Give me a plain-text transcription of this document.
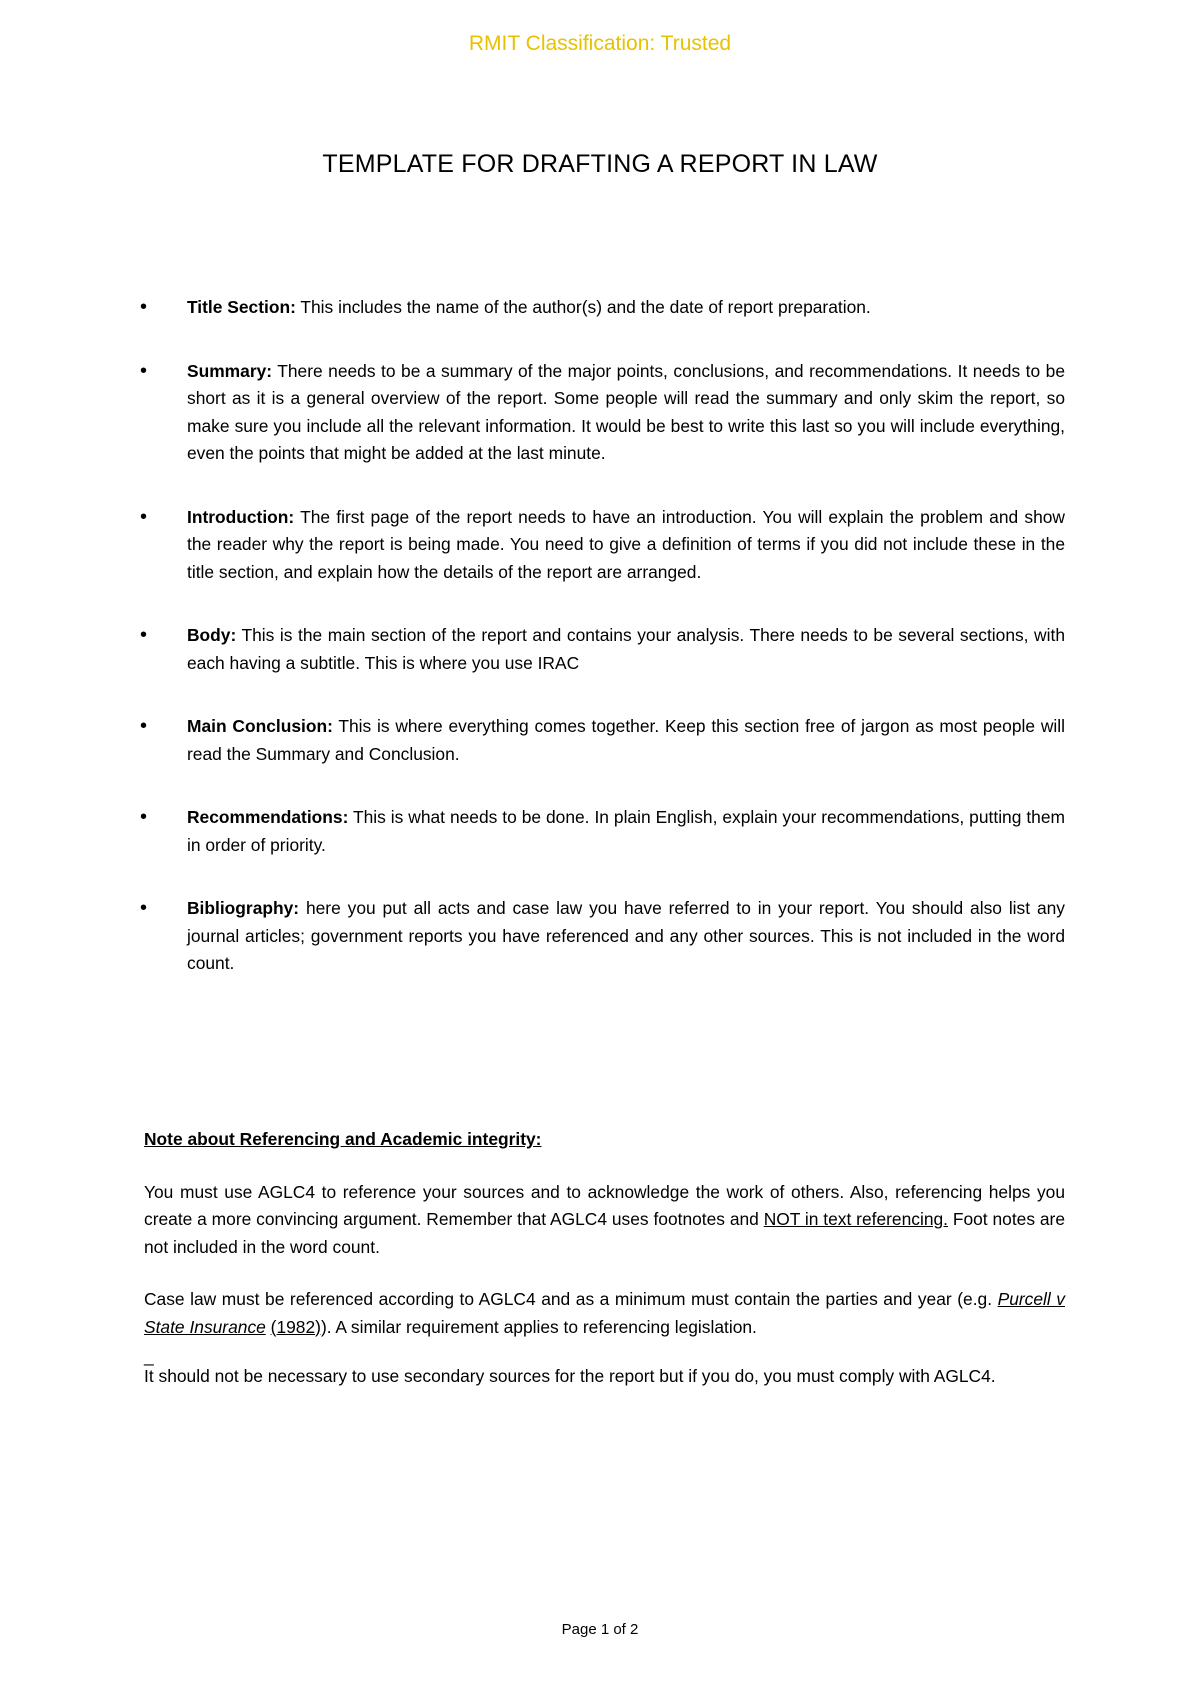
RMIT Classification: Trusted
TEMPLATE FOR DRAFTING A REPORT IN LAW
• Title Section: This includes the name of the author(s) and the date of report preparation.
• Summary: There needs to be a summary of the major points, conclusions, and recommendations. It needs to be short as it is a general overview of the report. Some people will read the summary and only skim the report, so make sure you include all the relevant information. It would be best to write this last so you will include everything, even the points that might be added at the last minute.
• Introduction: The first page of the report needs to have an introduction. You will explain the problem and show the reader why the report is being made. You need to give a definition of terms if you did not include these in the title section, and explain how the details of the report are arranged.
• Body: This is the main section of the report and contains your analysis. There needs to be several sections, with each having a subtitle. This is where you use IRAC
• Main Conclusion: This is where everything comes together. Keep this section free of jargon as most people will read the Summary and Conclusion.
• Recommendations: This is what needs to be done. In plain English, explain your recommendations, putting them in order of priority.
• Bibliography: here you put all acts and case law you have referred to in your report. You should also list any journal articles; government reports you have referenced and any other sources. This is not included in the word count.

Note about Referencing and Academic integrity:

You must use AGLC4 to reference your sources and to acknowledge the work of others. Also, referencing helps you create a more convincing argument. Remember that AGLC4 uses footnotes and NOT in text referencing. Foot notes are not included in the word count.

Case law must be referenced according to AGLC4 and as a minimum must contain the parties and year (e.g. Purcell v State Insurance (1982)). A similar requirement applies to referencing legislation.

_

It should not be necessary to use secondary sources for the report but if you do, you must comply with AGLC4.

Page 1 of 2
